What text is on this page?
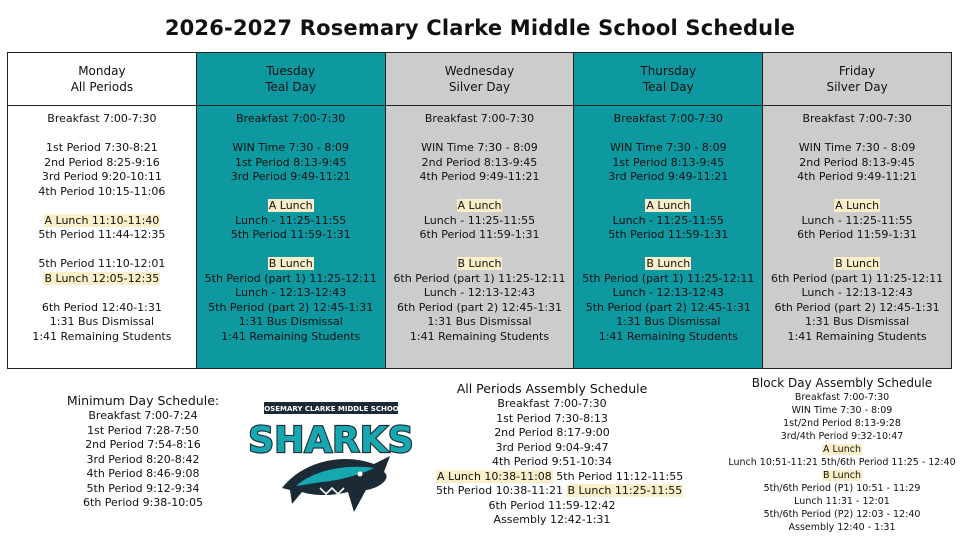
2026-2027 Rosemary Clarke Middle School Schedule
Monday
All Periods
Breakfast 7:00-7:30
1st Period 7:30-8:21
2nd Period 8:25-9:16
3rd Period 9:20-10:11
4th Period 10:15-11:06
A Lunch 11:10-11:40
5th Period 11:44-12:35
5th Period 11:10-12:01
B Lunch 12:05-12:35
6th Period 12:40-1:31
1:31 Bus Dismissal
1:41 Remaining Students
Tuesday
Teal Day
Breakfast 7:00-7:30
WIN Time 7:30 - 8:09
1st Period 8:13-9:45
3rd Period 9:49-11:21
A Lunch
Lunch - 11:25-11:55
5th Period 11:59-1:31
B Lunch
5th Period (part 1) 11:25-12:11
Lunch - 12:13-12:43
5th Period (part 2) 12:45-1:31
1:31 Bus Dismissal
1:41 Remaining Students
Wednesday
Silver Day
Breakfast 7:00-7:30
WIN Time 7:30 - 8:09
2nd Period 8:13-9:45
4th Period 9:49-11:21
A Lunch
Lunch - 11:25-11:55
6th Period 11:59-1:31
B Lunch
6th Period (part 1) 11:25-12:11
Lunch - 12:13-12:43
6th Period (part 2) 12:45-1:31
1:31 Bus Dismissal
1:41 Remaining Students
Thursday
Teal Day
Breakfast 7:00-7:30
WIN Time 7:30 - 8:09
1st Period 8:13-9:45
3rd Period 9:49-11:21
A Lunch
Lunch - 11:25-11:55
5th Period 11:59-1:31
B Lunch
5th Period (part 1) 11:25-12:11
Lunch - 12:13-12:43
5th Period (part 2) 12:45-1:31
1:31 Bus Dismissal
1:41 Remaining Students
Friday
Silver Day
Breakfast 7:00-7:30
WIN Time 7:30 - 8:09
2nd Period 8:13-9:45
4th Period 9:49-11:21
A Lunch
Lunch - 11:25-11:55
6th Period 11:59-1:31
B Lunch
6th Period (part 1) 11:25-12:11
Lunch - 12:13-12:43
6th Period (part 2) 12:45-1:31
1:31 Bus Dismissal
1:41 Remaining Students
Minimum Day Schedule:
Breakfast 7:00-7:24
1st Period 7:28-7:50
2nd Period 7:54-8:16
3rd Period 8:20-8:42
4th Period 8:46-9:08
5th Period 9:12-9:34
6th Period 9:38-10:05
ROSEMARY CLARKE MIDDLE SCHOOL
SHARKS
All Periods Assembly Schedule
Breakfast 7:00-7:30
1st Period 7:30-8:13
2nd Period 8:17-9:00
3rd Period 9:04-9:47
4th Period 9:51-10:34
A Lunch 10:38-11:08 5th Period 11:12-11:55
5th Period 10:38-11:21 B Lunch 11:25-11:55
6th Period 11:59-12:42
Assembly 12:42-1:31
Block Day Assembly Schedule
Breakfast 7:00-7:30
WIN Time 7:30 - 8:09
1st/2nd Period 8:13-9:28
3rd/4th Period 9:32-10:47
A Lunch
Lunch 10:51-11:21 5th/6th Period 11:25 - 12:40
B Lunch
5th/6th Period (P1) 10:51 - 11:29
Lunch 11:31 - 12:01
5th/6th Period (P2) 12:03 - 12:40
Assembly 12:40 - 1:31
